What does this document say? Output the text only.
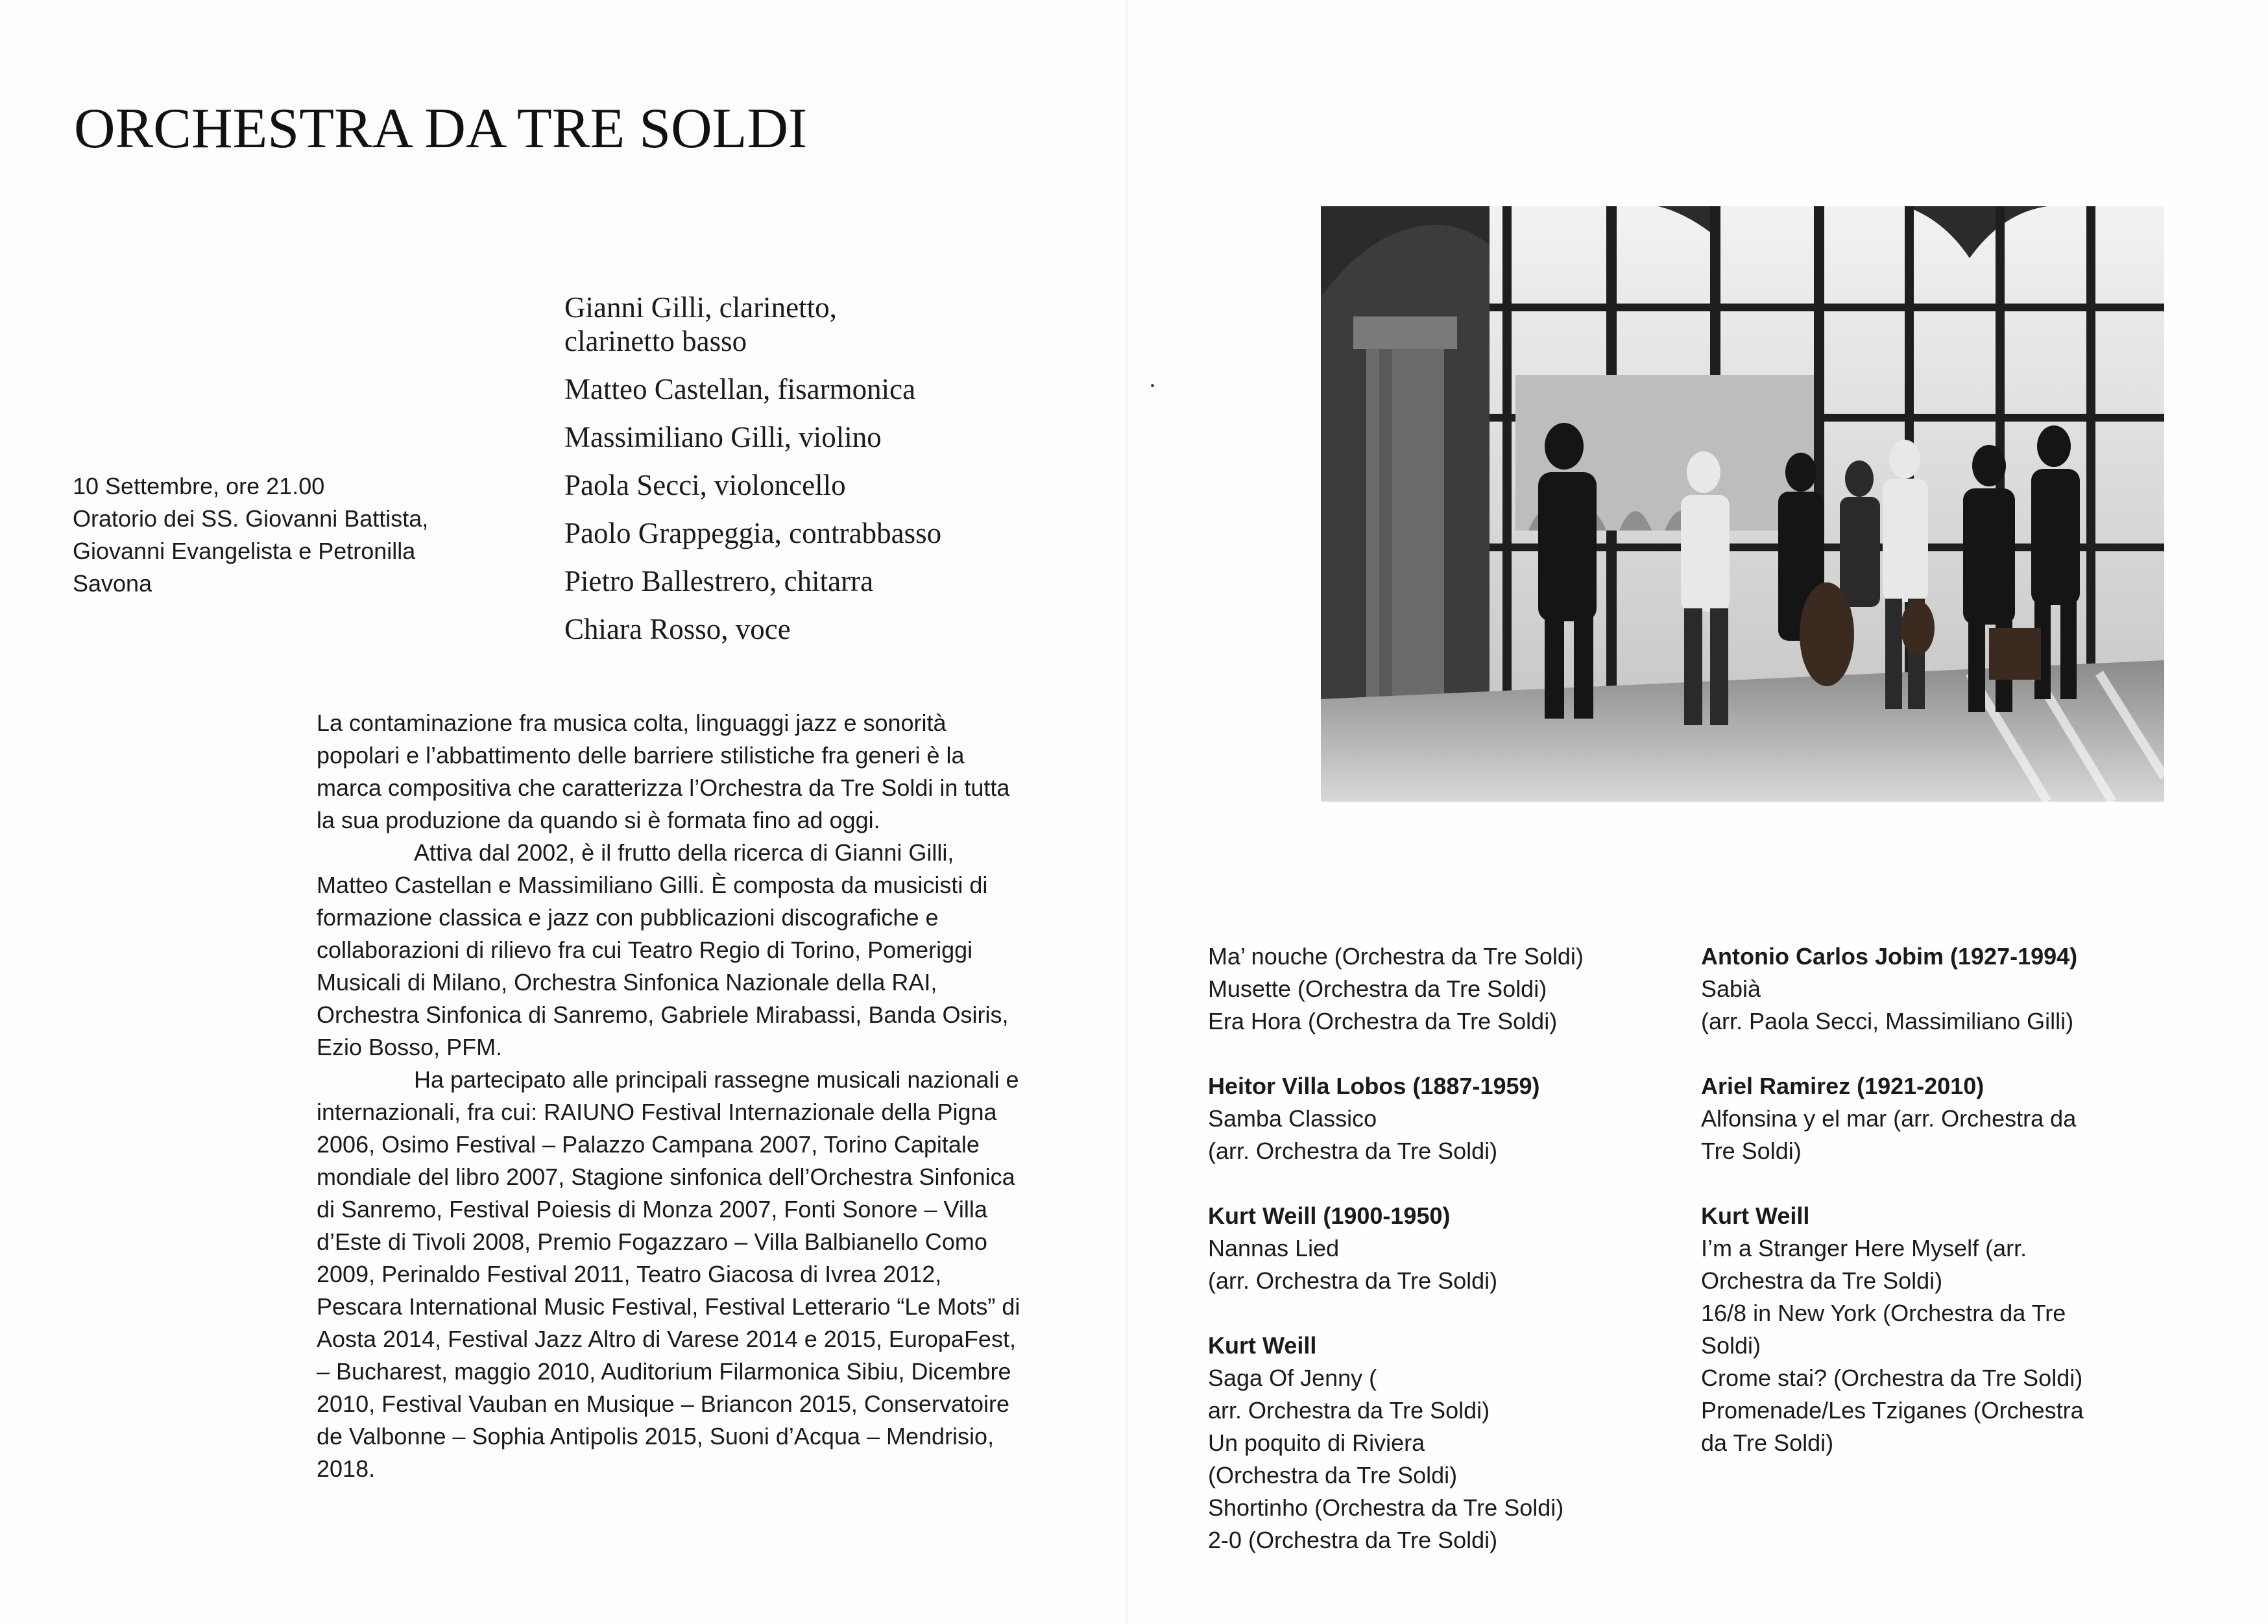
ORCHESTRA DA TRE SOLDI
10 Settembre, ore 21.00
Oratorio dei SS. Giovanni Battista,
Giovanni Evangelista e Petronilla
Savona
Gianni Gilli, clarinetto,
clarinetto basso
Matteo Castellan, fisarmonica
Massimiliano Gilli, violino
Paola Secci, violoncello
Paolo Grappeggia, contrabbasso
Pietro Ballestrero, chitarra
Chiara Rosso, voce

La contaminazione fra musica colta, linguaggi jazz e sonorità popolari e l’abbattimento delle barriere stilistiche fra generi è la marca compositiva che caratterizza l’Orchestra da Tre Soldi in tutta la sua produzione da quando si è formata fino ad oggi.

Attiva dal 2002, è il frutto della ricerca di Gianni Gilli, Matteo Castellan e Massimiliano Gilli. È composta da musicisti di formazione classica e jazz con pubblicazioni discografiche e collaborazioni di rilievo fra cui Teatro Regio di Torino, Pomeriggi Musicali di Milano, Orchestra Sinfonica Nazionale della RAI, Orchestra Sinfonica di Sanremo, Gabriele Mirabassi, Banda Osiris, Ezio Bosso, PFM.

Ha partecipato alle principali rassegne musicali nazionali e internazionali, fra cui: RAIUNO Festival Internazionale della Pigna 2006, Osimo Festival – Palazzo Campana 2007, Torino Capitale mondiale del libro 2007, Stagione sinfonica dell’Orchestra Sinfonica di Sanremo, Festival Poiesis di Monza 2007, Fonti Sonore – Villa d’Este di Tivoli 2008, Premio Fogazzaro – Villa Balbianello Como 2009, Perinaldo Festival 2011, Teatro Giacosa di Ivrea 2012, Pescara International Music Festival, Festival Letterario “Le Mots” di Aosta 2014, Festival Jazz Altro di Varese 2014 e 2015, EuropaFest, – Bucharest, maggio 2010, Auditorium Filarmonica Sibiu, Dicembre 2010, Festival Vauban en Musique – Briancon 2015, Conservatoire de Valbonne – Sophia Antipolis 2015, Suoni d’Acqua – Mendrisio, 2018.

Ma’ nouche (Orchestra da Tre Soldi)
Musette (Orchestra da Tre Soldi)
Era Hora (Orchestra da Tre Soldi)
Heitor Villa Lobos (1887-1959)
Samba Classico
(arr. Orchestra da Tre Soldi)
Kurt Weill (1900-1950)
Nannas Lied
(arr. Orchestra da Tre Soldi)
Kurt Weill
Saga Of Jenny (
arr. Orchestra da Tre Soldi)
Un poquito di Riviera
(Orchestra da Tre Soldi)
Shortinho (Orchestra da Tre Soldi)
2-0 (Orchestra da Tre Soldi)
Antonio Carlos Jobim (1927-1994)
Sabià
(arr. Paola Secci, Massimiliano Gilli)
Ariel Ramirez (1921-2010)
Alfonsina y el mar (arr. Orchestra da
Tre Soldi)
Kurt Weill
I’m a Stranger Here Myself (arr.
Orchestra da Tre Soldi)
16/8 in New York (Orchestra da Tre
Soldi)
Crome stai? (Orchestra da Tre Soldi)
Promenade/Les Tziganes (Orchestra
da Tre Soldi)
